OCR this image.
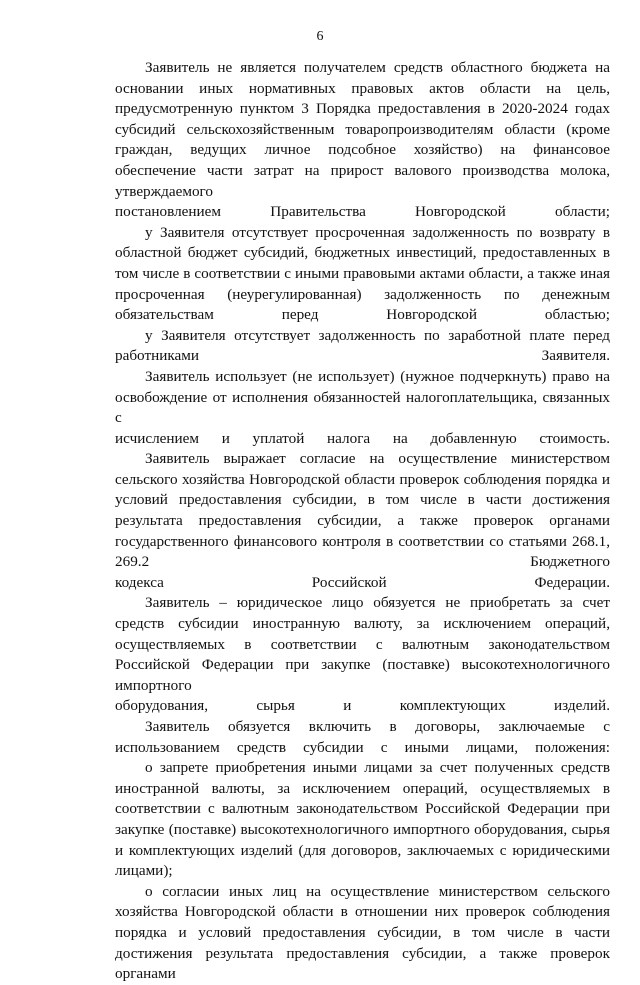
6

Заявитель не является получателем средств областного бюджета на основании иных нормативных правовых актов области на цель, предусмотренную пунктом 3 Порядка предоставления в 2020-2024 годах субсидий сельскохозяйственным товаропроизводителям области (кроме граждан, ведущих личное подсобное хозяйство) на финансовое обеспечение части затрат на прирост валового производства молока, утверждаемого
постановлением Правительства Новгородской области;

у Заявителя отсутствует просроченная задолженность по возврату в областной бюджет субсидий, бюджетных инвестиций, предоставленных в том числе в соответствии с иными правовыми актами области, а также иная просроченная (неурегулированная) задолженность по денежным
обязательствам перед Новгородской областью;

у Заявителя отсутствует задолженность по заработной плате перед
работниками Заявителя.

Заявитель использует (не использует) (нужное подчеркнуть) право на освобождение от исполнения обязанностей налогоплательщика, связанных с
исчислением и уплатой налога на добавленную стоимость.

Заявитель выражает согласие на осуществление министерством сельского хозяйства Новгородской области проверок соблюдения порядка и условий предоставления субсидии, в том числе в части достижения результата предоставления субсидии, а также проверок органами государственного финансового контроля в соответствии со статьями 268.1, 269.2 Бюджетного
кодекса Российской Федерации.

Заявитель – юридическое лицо обязуется не приобретать за счет средств субсидии иностранную валюту, за исключением операций, осуществляемых в соответствии с валютным законодательством Российской Федерации при закупке (поставке) высокотехнологичного импортного
оборудования, сырья и комплектующих изделий.

Заявитель обязуется включить в договоры, заключаемые с
использованием средств субсидии с иными лицами, положения:

о запрете приобретения иными лицами за счет полученных средств иностранной валюты, за исключением операций, осуществляемых в соответствии с валютным законодательством Российской Федерации при закупке (поставке) высокотехнологичного импортного оборудования, сырья и комплектующих изделий (для договоров, заключаемых с юридическими
лицами);

о согласии иных лиц на осуществление министерством сельского хозяйства Новгородской области в отношении них проверок соблюдения порядка и условий предоставления субсидии, в том числе в части достижения результата предоставления субсидии, а также проверок органами
